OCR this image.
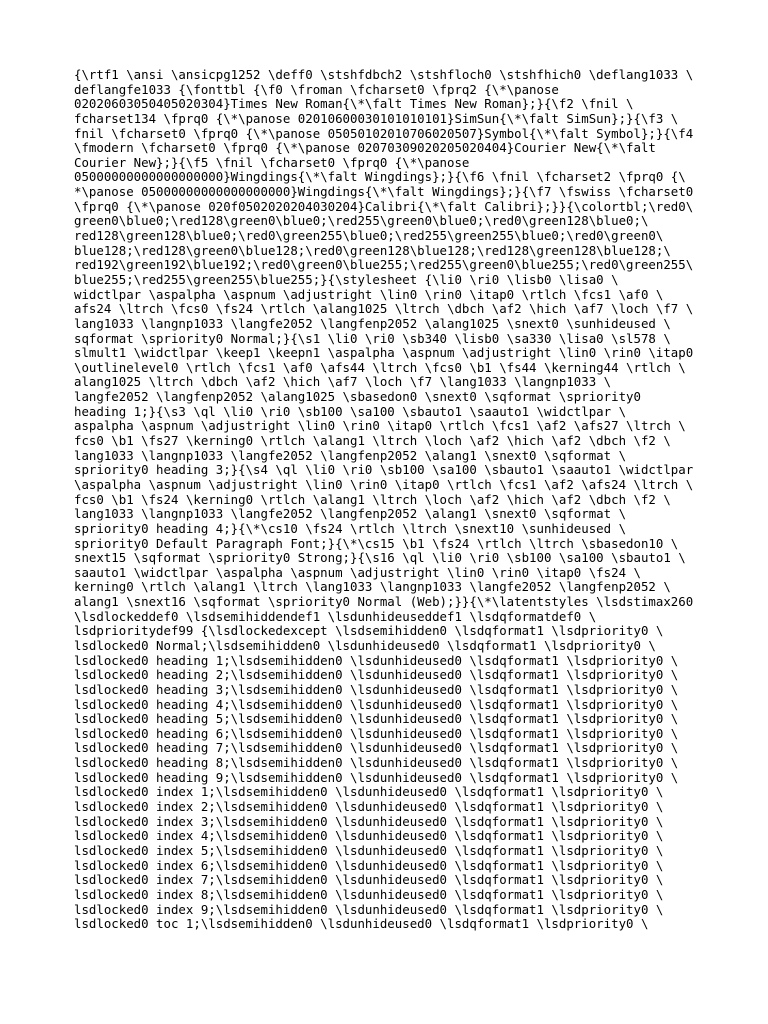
{\rtf1 \ansi \ansicpg1252 \deff0 \stshfdbch2 \stshfloch0 \stshfhich0 \deflang1033 \
deflangfe1033 {\fonttbl {\f0 \froman \fcharset0 \fprq2 {\*\panose
02020603050405020304}Times New Roman{\*\falt Times New Roman};}{\f2 \fnil \
fcharset134 \fprq0 {\*\panose 02010600030101010101}SimSun{\*\falt SimSun};}{\f3 \
fnil \fcharset0 \fprq0 {\*\panose 05050102010706020507}Symbol{\*\falt Symbol};}{\f4
\fmodern \fcharset0 \fprq0 {\*\panose 02070309020205020404}Courier New{\*\falt
Courier New};}{\f5 \fnil \fcharset0 \fprq0 {\*\panose
05000000000000000000}Wingdings{\*\falt Wingdings};}{\f6 \fnil \fcharset2 \fprq0 {\
*\panose 05000000000000000000}Wingdings{\*\falt Wingdings};}{\f7 \fswiss \fcharset0
\fprq0 {\*\panose 020f0502020204030204}Calibri{\*\falt Calibri};}}{\colortbl;\red0\
green0\blue0;\red128\green0\blue0;\red255\green0\blue0;\red0\green128\blue0;\
red128\green128\blue0;\red0\green255\blue0;\red255\green255\blue0;\red0\green0\
blue128;\red128\green0\blue128;\red0\green128\blue128;\red128\green128\blue128;\
red192\green192\blue192;\red0\green0\blue255;\red255\green0\blue255;\red0\green255\
blue255;\red255\green255\blue255;}{\stylesheet {\li0 \ri0 \lisb0 \lisa0 \
widctlpar \aspalpha \aspnum \adjustright \lin0 \rin0 \itap0 \rtlch \fcs1 \af0 \
afs24 \ltrch \fcs0 \fs24 \rtlch \alang1025 \ltrch \dbch \af2 \hich \af7 \loch \f7 \
lang1033 \langnp1033 \langfe2052 \langfenp2052 \alang1025 \snext0 \sunhideused \
sqformat \spriority0 Normal;}{\s1 \li0 \ri0 \sb340 \lisb0 \sa330 \lisa0 \sl578 \
slmult1 \widctlpar \keep1 \keepn1 \aspalpha \aspnum \adjustright \lin0 \rin0 \itap0
\outlinelevel0 \rtlch \fcs1 \af0 \afs44 \ltrch \fcs0 \b1 \fs44 \kerning44 \rtlch \
alang1025 \ltrch \dbch \af2 \hich \af7 \loch \f7 \lang1033 \langnp1033 \
langfe2052 \langfenp2052 \alang1025 \sbasedon0 \snext0 \sqformat \spriority0
heading 1;}{\s3 \ql \li0 \ri0 \sb100 \sa100 \sbauto1 \saauto1 \widctlpar \
aspalpha \aspnum \adjustright \lin0 \rin0 \itap0 \rtlch \fcs1 \af2 \afs27 \ltrch \
fcs0 \b1 \fs27 \kerning0 \rtlch \alang1 \ltrch \loch \af2 \hich \af2 \dbch \f2 \
lang1033 \langnp1033 \langfe2052 \langfenp2052 \alang1 \snext0 \sqformat \
spriority0 heading 3;}{\s4 \ql \li0 \ri0 \sb100 \sa100 \sbauto1 \saauto1 \widctlpar
\aspalpha \aspnum \adjustright \lin0 \rin0 \itap0 \rtlch \fcs1 \af2 \afs24 \ltrch \
fcs0 \b1 \fs24 \kerning0 \rtlch \alang1 \ltrch \loch \af2 \hich \af2 \dbch \f2 \
lang1033 \langnp1033 \langfe2052 \langfenp2052 \alang1 \snext0 \sqformat \
spriority0 heading 4;}{\*\cs10 \fs24 \rtlch \ltrch \snext10 \sunhideused \
spriority0 Default Paragraph Font;}{\*\cs15 \b1 \fs24 \rtlch \ltrch \sbasedon10 \
snext15 \sqformat \spriority0 Strong;}{\s16 \ql \li0 \ri0 \sb100 \sa100 \sbauto1 \
saauto1 \widctlpar \aspalpha \aspnum \adjustright \lin0 \rin0 \itap0 \fs24 \
kerning0 \rtlch \alang1 \ltrch \lang1033 \langnp1033 \langfe2052 \langfenp2052 \
alang1 \snext16 \sqformat \spriority0 Normal (Web);}}{\*\latentstyles \lsdstimax260
\lsdlockeddef0 \lsdsemihiddendef1 \lsdunhideuseddef1 \lsdqformatdef0 \
lsdprioritydef99 {\lsdlockedexcept \lsdsemihidden0 \lsdqformat1 \lsdpriority0 \
lsdlocked0 Normal;\lsdsemihidden0 \lsdunhideused0 \lsdqformat1 \lsdpriority0 \
lsdlocked0 heading 1;\lsdsemihidden0 \lsdunhideused0 \lsdqformat1 \lsdpriority0 \
lsdlocked0 heading 2;\lsdsemihidden0 \lsdunhideused0 \lsdqformat1 \lsdpriority0 \
lsdlocked0 heading 3;\lsdsemihidden0 \lsdunhideused0 \lsdqformat1 \lsdpriority0 \
lsdlocked0 heading 4;\lsdsemihidden0 \lsdunhideused0 \lsdqformat1 \lsdpriority0 \
lsdlocked0 heading 5;\lsdsemihidden0 \lsdunhideused0 \lsdqformat1 \lsdpriority0 \
lsdlocked0 heading 6;\lsdsemihidden0 \lsdunhideused0 \lsdqformat1 \lsdpriority0 \
lsdlocked0 heading 7;\lsdsemihidden0 \lsdunhideused0 \lsdqformat1 \lsdpriority0 \
lsdlocked0 heading 8;\lsdsemihidden0 \lsdunhideused0 \lsdqformat1 \lsdpriority0 \
lsdlocked0 heading 9;\lsdsemihidden0 \lsdunhideused0 \lsdqformat1 \lsdpriority0 \
lsdlocked0 index 1;\lsdsemihidden0 \lsdunhideused0 \lsdqformat1 \lsdpriority0 \
lsdlocked0 index 2;\lsdsemihidden0 \lsdunhideused0 \lsdqformat1 \lsdpriority0 \
lsdlocked0 index 3;\lsdsemihidden0 \lsdunhideused0 \lsdqformat1 \lsdpriority0 \
lsdlocked0 index 4;\lsdsemihidden0 \lsdunhideused0 \lsdqformat1 \lsdpriority0 \
lsdlocked0 index 5;\lsdsemihidden0 \lsdunhideused0 \lsdqformat1 \lsdpriority0 \
lsdlocked0 index 6;\lsdsemihidden0 \lsdunhideused0 \lsdqformat1 \lsdpriority0 \
lsdlocked0 index 7;\lsdsemihidden0 \lsdunhideused0 \lsdqformat1 \lsdpriority0 \
lsdlocked0 index 8;\lsdsemihidden0 \lsdunhideused0 \lsdqformat1 \lsdpriority0 \
lsdlocked0 index 9;\lsdsemihidden0 \lsdunhideused0 \lsdqformat1 \lsdpriority0 \
lsdlocked0 toc 1;\lsdsemihidden0 \lsdunhideused0 \lsdqformat1 \lsdpriority0 \
